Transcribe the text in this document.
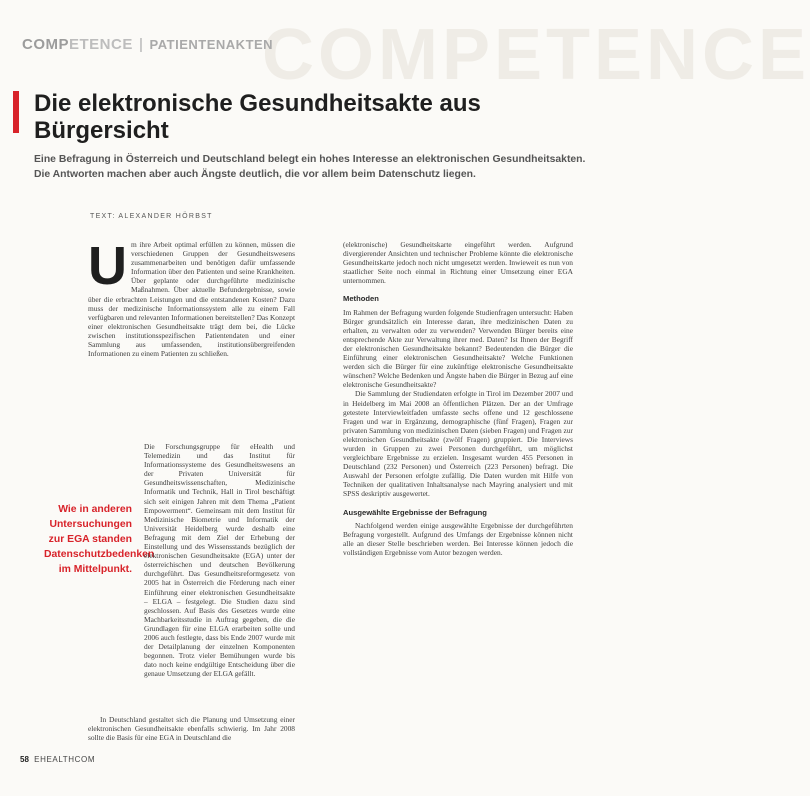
COMPETENCE
COMPETENCE | PATIENTENAKTEN
Die elektronische Gesundheitsakte aus Bürgersicht
Eine Befragung in Österreich und Deutschland belegt ein hohes Interesse an elektronischen Gesundheitsakten. Die Antworten machen aber auch Ängste deutlich, die vor allem beim Datenschutz liegen.
TEXT: ALEXANDER HÖRBST
U m ihre Arbeit optimal erfüllen zu können, müssen die verschiedenen Gruppen der Gesundheitswesens zusammenarbeiten und benötigen dafür umfassende Information über den Patienten und seine Krankheiten. Über geplante oder durchgeführte medizinische Maßnahmen. Über aktuelle Befundergebnisse, sowie über die erbrachten Leistungen und die entstandenen Kosten? Dazu muss der medizinische Informationssystem alle zu einem Fall verfügbaren und relevanten Informationen bereitstellen? Das Konzept einer elektronischen Gesundheitsakte trägt dem bei, die Lücke zwischen institutionsspezifischen Patientendaten und einer Sammlung aus umfassenden, institutionsübergreifenden Informationen zu einem Patienten zu schließen.

Wie in anderen Untersuchungen zur EGA standen Datenschutzbedenken im Mittelpunkt.

Die Forschungsgruppe für eHealth und Telemedizin und das Institut für Informationssysteme des Gesundheitswesens an der Privaten Universität für Gesundheitswissenschaften, Medizinische Informatik und Technik, Hall in Tirol beschäftigt sich seit einigen Jahren mit dem Thema „Patient Empowerment“. Gemeinsam mit dem Institut für Medizinische Biometrie und Informatik der Universität Heidelberg wurde deshalb eine Befragung mit dem Ziel der Erhebung der Einstellung und des Wissensstands bezüglich der elektronischen Gesundheitsakte (EGA) unter der österreichischen und deutschen Bevölkerung durchgeführt. Das Gesundheitsreformgesetz von 2005 hat in Österreich die Förderung nach einer Einführung einer elektronischen Gesundheitsakte – ELGA – festgelegt. Die Studien dazu sind geschlossen. Auf Basis des Gesetzes wurde eine Machbarkeitsstudie in Auftrag gegeben, die die Grundlagen für eine ELGA erarbeiten sollte und 2006 auch festlegte, dass bis Ende 2007 wurde mit der Detailplanung der einzelnen Komponenten begonnen. Trotz vieler Bemühungen wurde bis dato noch keine endgültige Entscheidung über die genaue Umsetzung der ELGA gefällt.

In Deutschland gestaltet sich die Planung und Umsetzung einer elektronischen Gesundheitsakte ebenfalls schwierig. Im Jahr 2008 sollte die Basis für eine EGA in Deutschland die

(elektronische) Gesundheitskarte eingeführt werden. Aufgrund divergierender Ansichten und technischer Probleme könnte die elektronische Gesundheitskarte jedoch noch nicht umgesetzt werden. Inwieweit es nun von staatlicher Seite noch einmal in Richtung einer Umsetzung einer EGA unternommen.

Methoden

Im Rahmen der Befragung wurden folgende Studienfragen untersucht: Haben Bürger grundsätzlich ein Interesse daran, ihre medizinischen Daten zu erhalten, zu verwalten oder zu verwenden? Verwenden Bürger bereits eine entsprechende Akte zur Verwaltung ihrer med. Daten? Ist Ihnen der Begriff der elektronischen Gesundheitsakte bekannt? Bedeutenden die Bürger die Einführung einer elektronischen Gesundheitsakte? Welche Funktionen werden sich die Bürger für eine zukünftige elektronische Gesundheitsakte wünschen? Welche Bedenken und Ängste haben die Bürger in Bezug auf eine elektronische Gesundheitsakte?

Die Sammlung der Studiendaten erfolgte in Tirol im Dezember 2007 und in Heidelberg im Mai 2008 an öffentlichen Plätzen. Der an der Umfrage getestete Interviewleitfaden umfasste sechs offene und 12 geschlossene Fragen und war in Ergänzung, demographische (fünf Fragen), Fragen zur privaten Sammlung von medizinischen Daten (sieben Fragen) und Fragen zur elektronischen Gesundheitsakte (zwölf Fragen) gruppiert. Die Interviews wurden in Gruppen zu zwei Personen durchgeführt, um möglichst vergleichbare Ergebnisse zu erzielen. Insgesamt wurden 455 Personen in Deutschland (232 Personen) und Österreich (223 Personen) befragt. Die Auswahl der Personen erfolgte zufällig. Die Daten wurden mit Hilfe von Techniken der qualitativen Inhaltsanalyse nach Mayring analysiert und mit SPSS deskriptiv ausgewertet.

Ausgewählte Ergebnisse der Befragung

Nachfolgend werden einige ausgewählte Ergebnisse der durchgeführten Befragung vorgestellt. Aufgrund des Umfangs der Ergebnisse können nicht alle an dieser Stelle beschrieben werden. Bei Interesse können jedoch die vollständigen Ergebnisse vom Autor bezogen werden.

58 EHEALTHCOM
